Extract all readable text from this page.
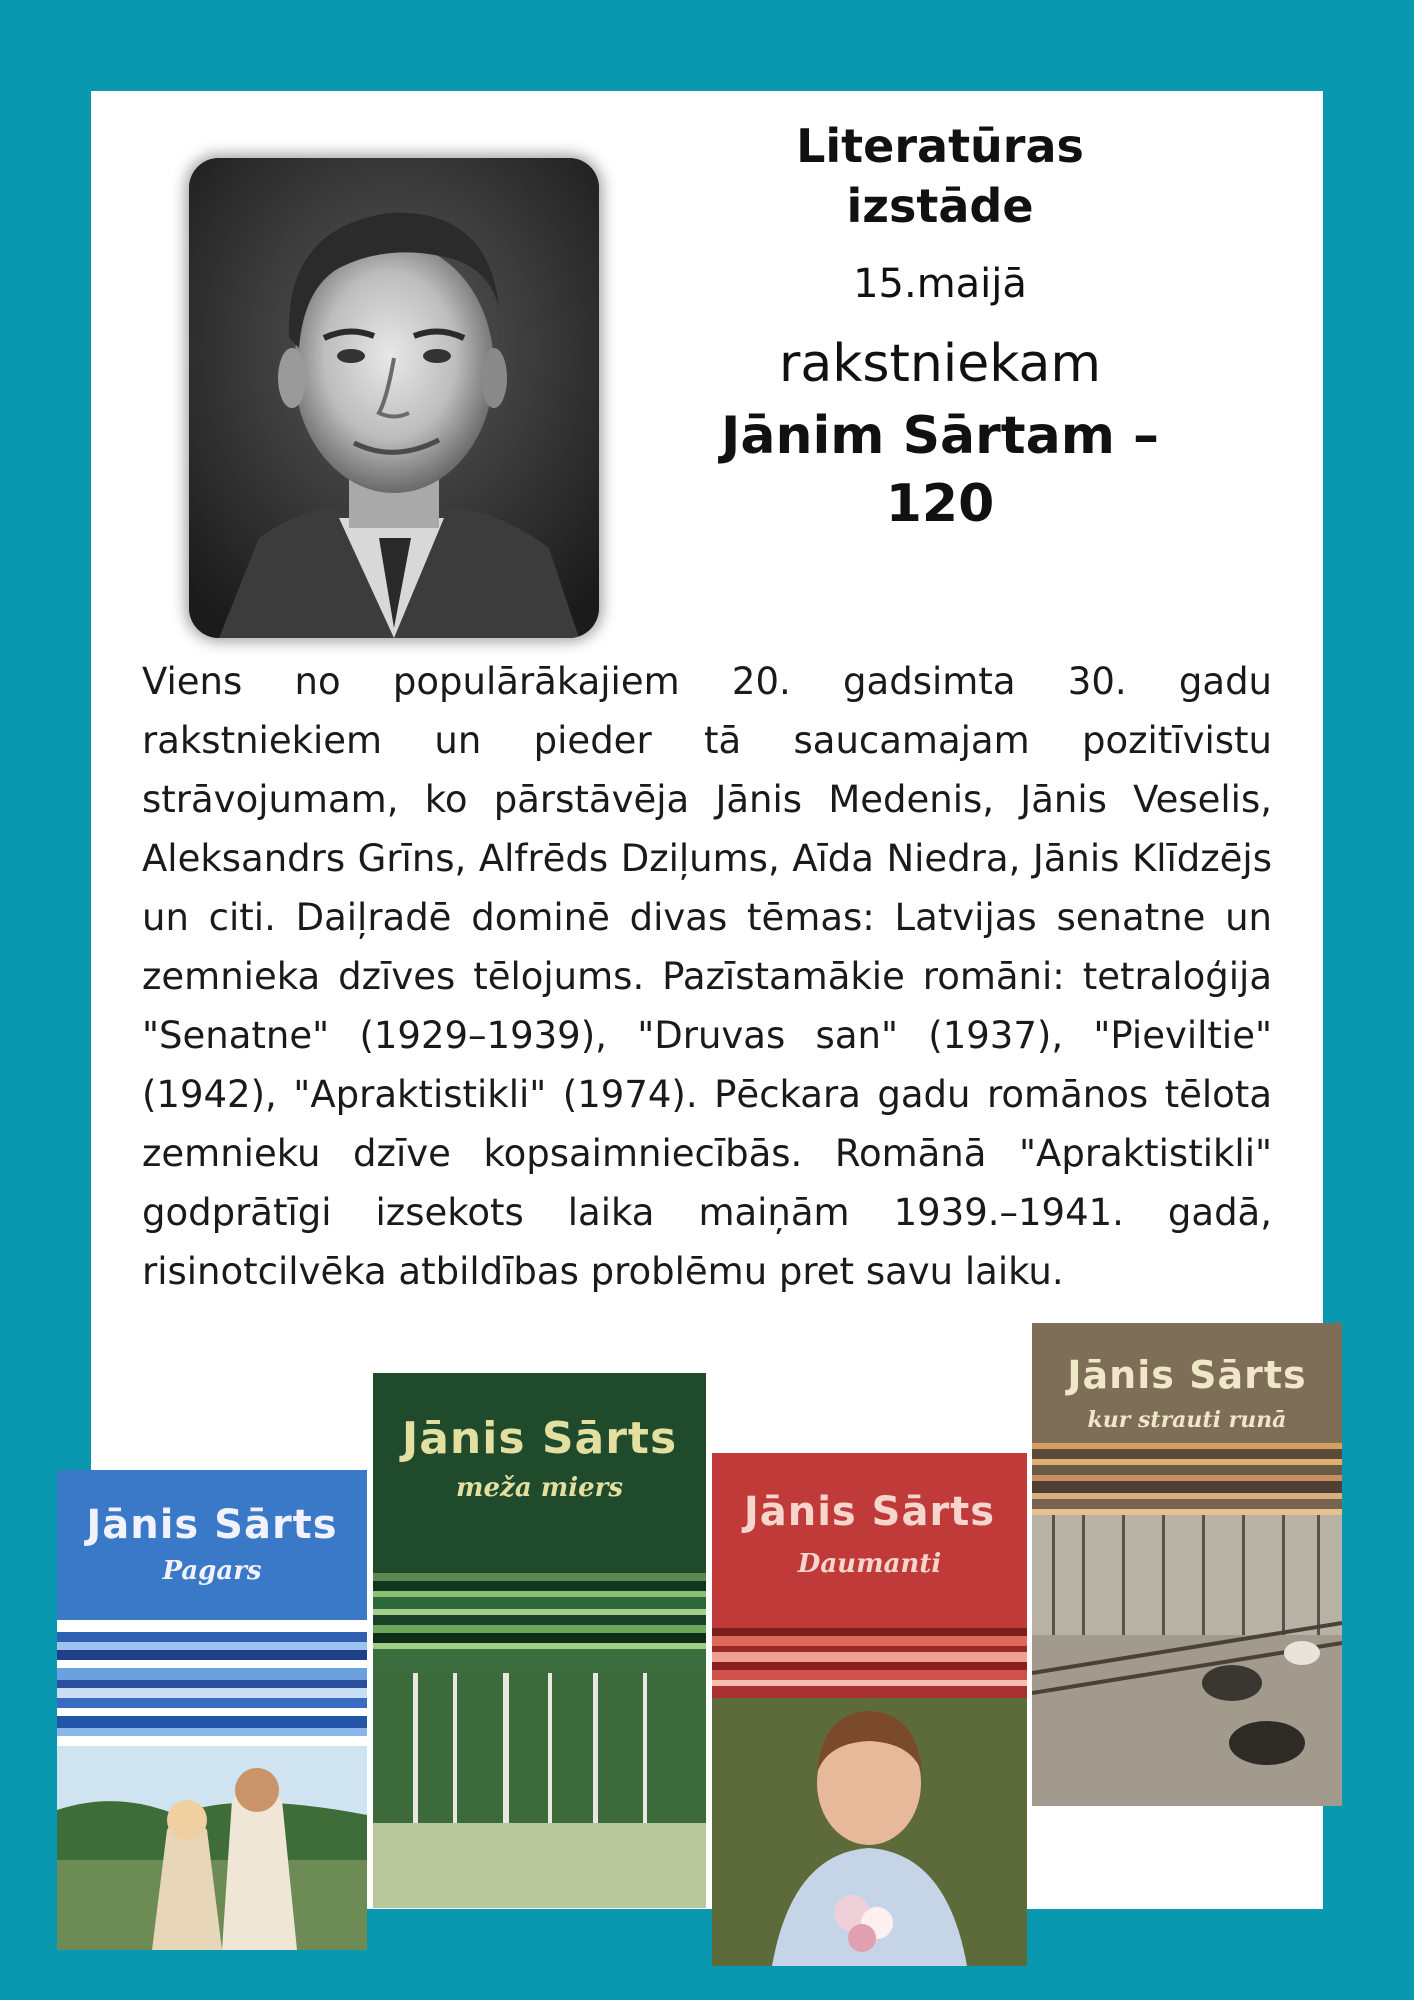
Literatūras
izstāde
15.maijā
rakstniekam
Jānim Sārtam – 120

Viens no populārākajiem 20. gadsimta 30. gadu rakstniekiem un pieder tā saucamajam pozitīvistu strāvojumam, ko pārstāvēja Jānis Medenis, Jānis Veselis, Aleksandrs Grīns, Alfrēds Dziļums, Aīda Niedra, Jānis Klīdzējs un citi. Daiļradē dominē divas tēmas: Latvijas senatne un zemnieka dzīves tēlojums. Pazīstamākie romāni: tetraloģija "Senatne" (1929–1939), "Druvas san" (1937), "Pieviltie" (1942), "Apraktistikli" (1974). Pēckara gadu romānos tēlota zemnieku dzīve kopsaimniecībās. Romānā "Apraktistikli" godprātīgi izsekots laika maiņām 1939.–1941. gadā, risinotcilvēka atbildības problēmu pret savu laiku.

Jānis Sārts
Pagars
Jānis Sārts
meža miers
Jānis Sārts
Daumanti
Jānis Sārts
kur strauti runā
